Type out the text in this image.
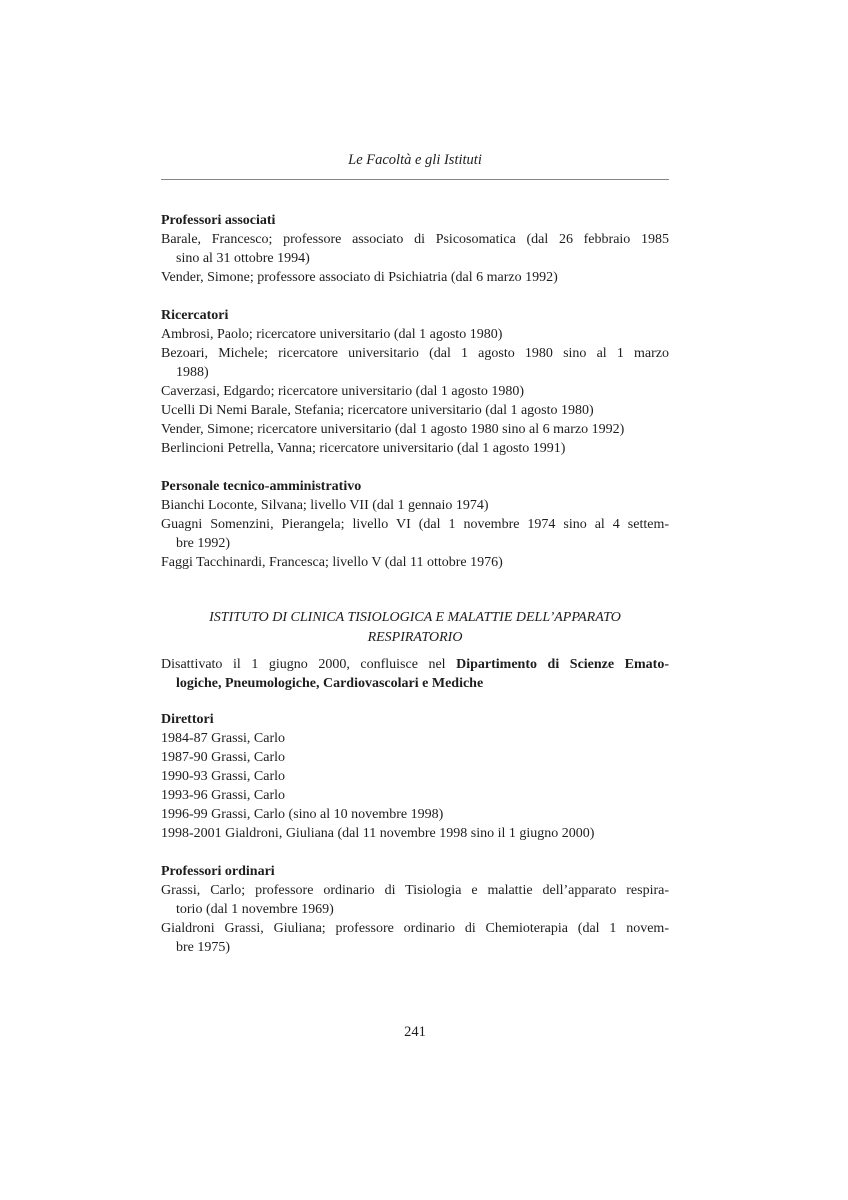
Le Facoltà e gli Istituti
Professori associati
Barale, Francesco; professore associato di Psicosomatica (dal 26 febbraio 1985
sino al 31 ottobre 1994)
Vender, Simone; professore associato di Psichiatria (dal 6 marzo 1992)
Ricercatori
Ambrosi, Paolo; ricercatore universitario (dal 1 agosto 1980)
Bezoari, Michele; ricercatore universitario (dal 1 agosto 1980 sino al 1 marzo
1988)
Caverzasi, Edgardo; ricercatore universitario (dal 1 agosto 1980)
Ucelli Di Nemi Barale, Stefania; ricercatore universitario (dal 1 agosto 1980)
Vender, Simone; ricercatore universitario (dal 1 agosto 1980 sino al 6 marzo 1992)
Berlincioni Petrella, Vanna; ricercatore universitario (dal 1 agosto 1991)
Personale tecnico-amministrativo
Bianchi Loconte, Silvana; livello VII (dal 1 gennaio 1974)
Guagni Somenzini, Pierangela; livello VI (dal 1 novembre 1974 sino al 4 settem-
bre 1992)
Faggi Tacchinardi, Francesca; livello V (dal 11 ottobre 1976)
ISTITUTO DI CLINICA TISIOLOGICA E MALATTIE DELL’APPARATO
RESPIRATORIO
Disattivato il 1 giugno 2000, confluisce nel Dipartimento di Scienze Emato-
logiche, Pneumologiche, Cardiovascolari e Mediche
Direttori
1984-87 Grassi, Carlo
1987-90 Grassi, Carlo
1990-93 Grassi, Carlo
1993-96 Grassi, Carlo
1996-99 Grassi, Carlo (sino al 10 novembre 1998)
1998-2001 Gialdroni, Giuliana (dal 11 novembre 1998 sino il 1 giugno 2000)
Professori ordinari
Grassi, Carlo; professore ordinario di Tisiologia e malattie dell’apparato respira-
torio (dal 1 novembre 1969)
Gialdroni Grassi, Giuliana; professore ordinario di Chemioterapia (dal 1 novem-
bre 1975)
241
